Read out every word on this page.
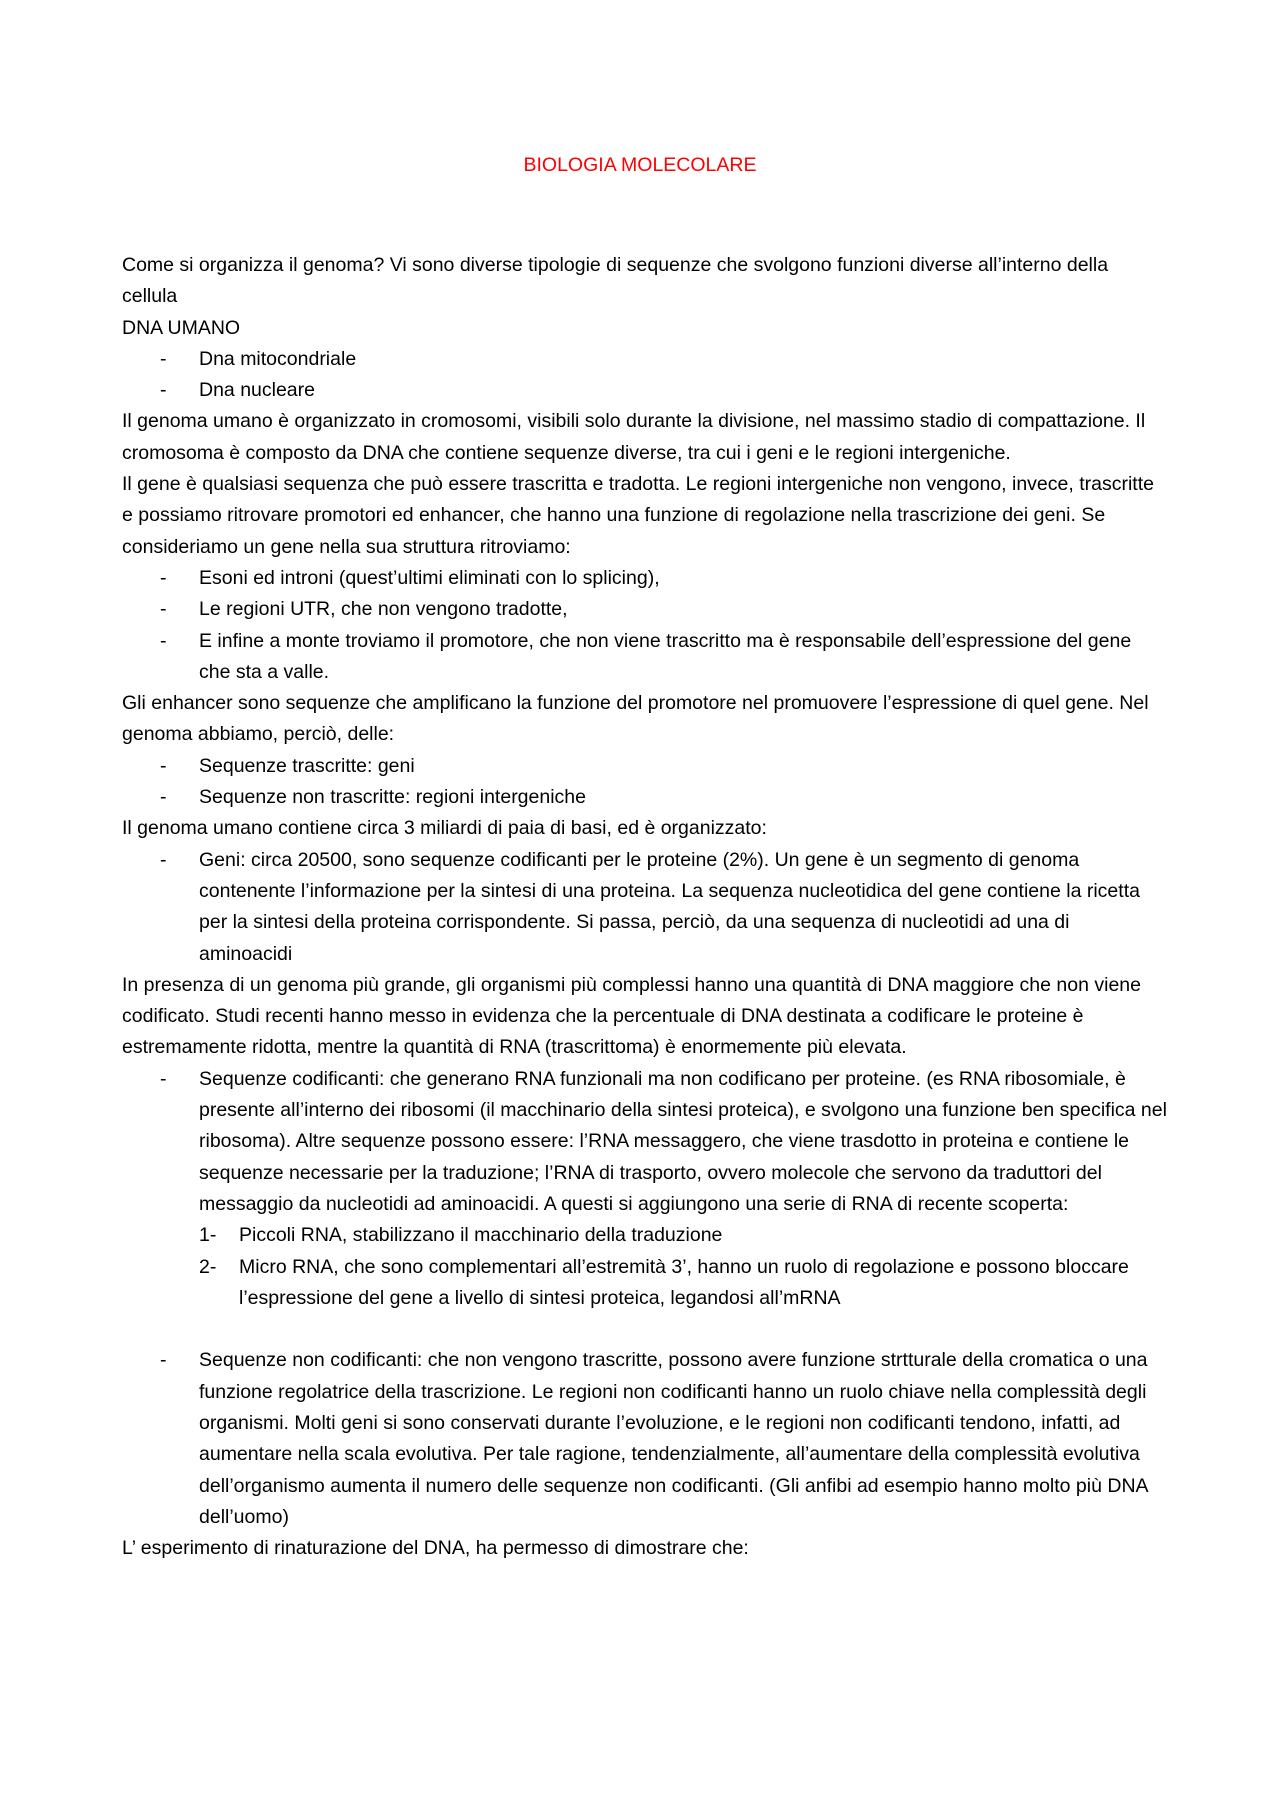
BIOLOGIA MOLECOLARE

Come si organizza il genoma? Vi sono diverse tipologie di sequenze che svolgono funzioni diverse all’interno della cellula

DNA UMANO

- Dna mitocondriale
- Dna nucleare

Il genoma umano è organizzato in cromosomi, visibili solo durante la divisione, nel massimo stadio di compattazione. Il cromosoma è composto da DNA che contiene sequenze diverse, tra cui i geni e le regioni intergeniche.

Il gene è qualsiasi sequenza che può essere trascritta e tradotta. Le regioni intergeniche non vengono, invece, trascritte e possiamo ritrovare promotori ed enhancer, che hanno una funzione di regolazione nella trascrizione dei geni. Se consideriamo un gene nella sua struttura ritroviamo:

- Esoni ed introni (quest’ultimi eliminati con lo splicing),
- Le regioni UTR, che non vengono tradotte,
- E infine a monte troviamo il promotore, che non viene trascritto ma è responsabile dell’espressione del gene che sta a valle.

Gli enhancer sono sequenze che amplificano la funzione del promotore nel promuovere l’espressione di quel gene. Nel genoma abbiamo, perciò, delle:

- Sequenze trascritte: geni
- Sequenze non trascritte: regioni intergeniche

Il genoma umano contiene circa 3 miliardi di paia di basi, ed è organizzato:

- Geni: circa 20500, sono sequenze codificanti per le proteine (2%). Un gene è un segmento di genoma contenente l’informazione per la sintesi di una proteina. La sequenza nucleotidica del gene contiene la ricetta per la sintesi della proteina corrispondente. Si passa, perciò, da una sequenza di nucleotidi ad una di aminoacidi

In presenza di un genoma più grande, gli organismi più complessi hanno una quantità di DNA maggiore che non viene codificato. Studi recenti hanno messo in evidenza che la percentuale di DNA destinata a codificare le proteine è estremamente ridotta, mentre la quantità di RNA (trascrittoma) è enormemente più elevata.

- Sequenze codificanti: che generano RNA funzionali ma non codificano per proteine. (es RNA ribosomiale, è presente all’interno dei ribosomi (il macchinario della sintesi proteica), e svolgono una funzione ben specifica nel ribosoma). Altre sequenze possono essere: l’RNA messaggero, che viene trasdotto in proteina e contiene le sequenze necessarie per la traduzione; l’RNA di trasporto, ovvero molecole che servono da traduttori del messaggio da nucleotidi ad aminoacidi. A questi si aggiungono una serie di RNA di recente scoperta:
1- Piccoli RNA, stabilizzano il macchinario della traduzione
2- Micro RNA, che sono complementari all’estremità 3’, hanno un ruolo di regolazione e possono bloccare l’espressione del gene a livello di sintesi proteica, legandosi all’mRNA
- Sequenze non codificanti: che non vengono trascritte, possono avere funzione strtturale della cromatica o una funzione regolatrice della trascrizione. Le regioni non codificanti hanno un ruolo chiave nella complessità degli organismi. Molti geni si sono conservati durante l’evoluzione, e le regioni non codificanti tendono, infatti, ad aumentare nella scala evolutiva. Per tale ragione, tendenzialmente, all’aumentare della complessità evolutiva dell’organismo aumenta il numero delle sequenze non codificanti. (Gli anfibi ad esempio hanno molto più DNA dell’uomo)

L’ esperimento di rinaturazione del DNA, ha permesso di dimostrare che:
